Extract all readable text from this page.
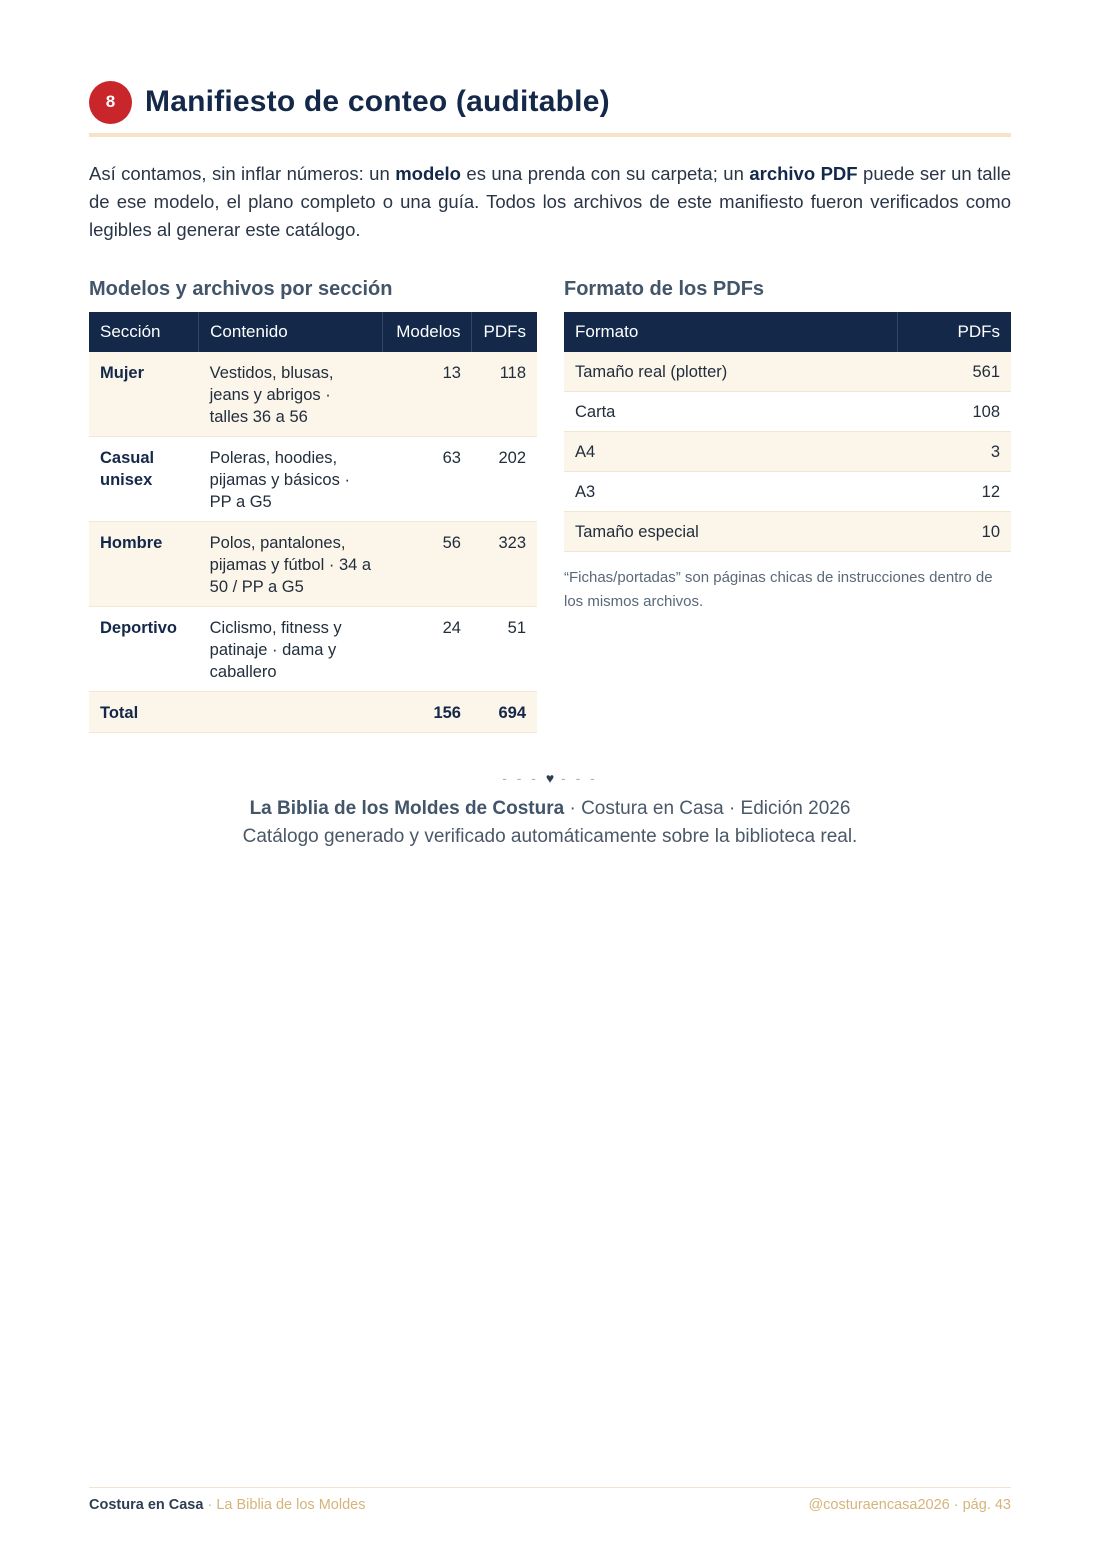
8 Manifiesto de conteo (auditable)

Así contamos, sin inflar números: un modelo es una prenda con su carpeta; un archivo PDF puede ser un talle de ese modelo, el plano completo o una guía. Todos los archivos de este manifiesto fueron verificados como legibles al generar este catálogo.

Modelos y archivos por sección	Formato de los PDFs
Sección	Contenido	Modelos	PDFs
Mujer	Vestidos, blusas, jeans y abrigos · talles 36 a 56	13	118
Casual unisex	Poleras, hoodies, pijamas y básicos · PP a G5	63	202
Hombre	Polos, pantalones, pijamas y fútbol · 34 a 50 / PP a G5	56	323
Deportivo	Ciclismo, fitness y patinaje · dama y caballero	24	51
Total		156	694
Formato	PDFs
Tamaño real (plotter)	561
Carta	108
A4	3
A3	12
Tamaño especial	10
“Fichas/portadas” son páginas chicas de instrucciones dentro de los mismos archivos.
- - - ♥ - - -
La Biblia de los Moldes de Costura · Costura en Casa · Edición 2026
Catálogo generado y verificado automáticamente sobre la biblioteca real.
Costura en Casa · La Biblia de los Moldes	@costuraencasa2026 · pág. 43
